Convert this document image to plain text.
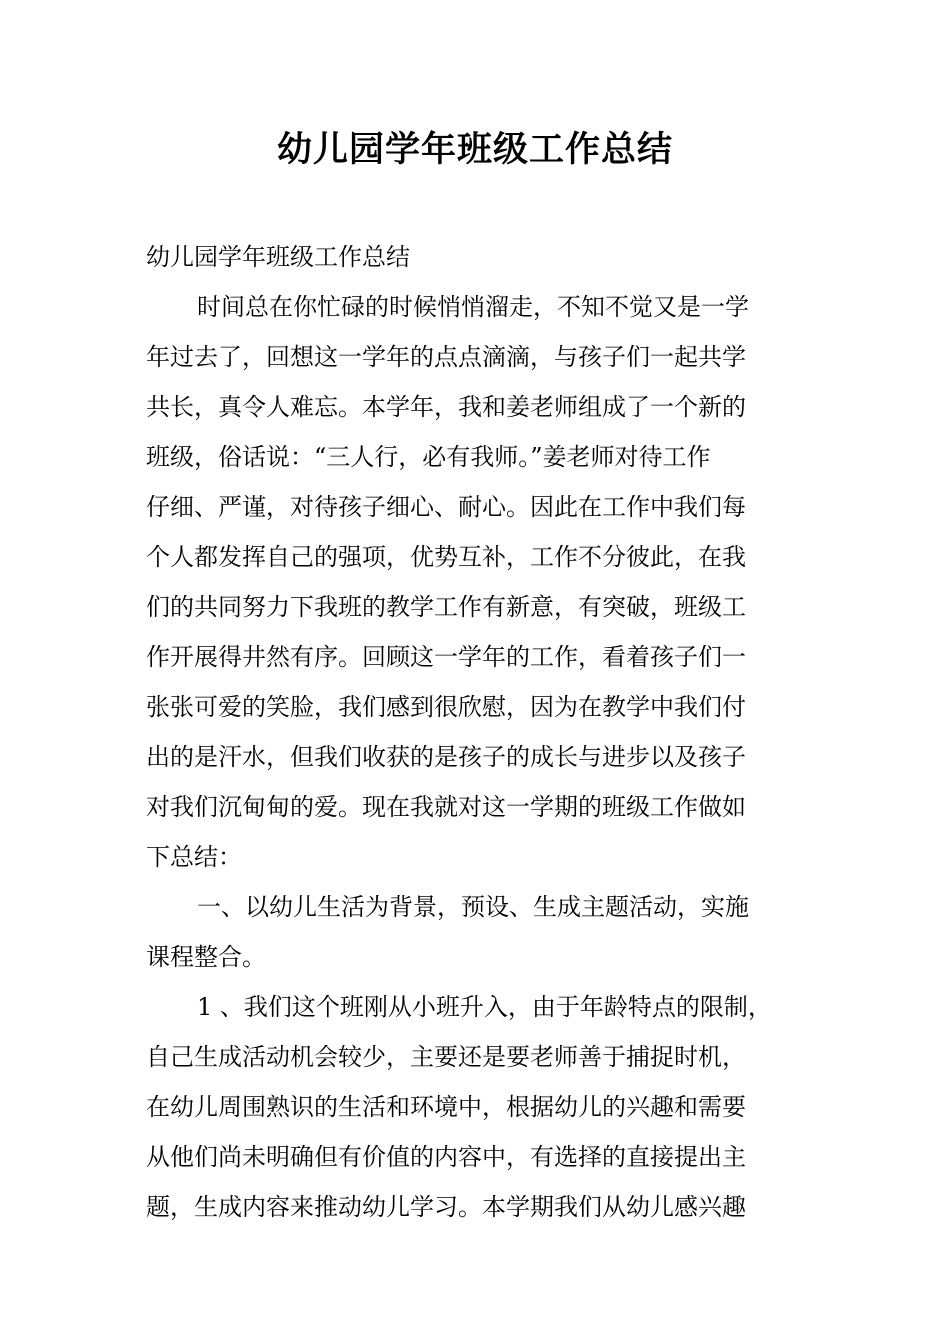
幼儿园学年班级工作总结
幼儿园学年班级工作总结
时间总在你忙碌的时候悄悄溜走，不知不觉又是一学
年过去了，回想这一学年的点点滴滴，与孩子们一起共学
共长，真令人难忘。本学年，我和姜老师组成了一个新的
班级，俗话说：“三人行，必有我师。”姜老师对待工作
仔细、严谨，对待孩子细心、耐心。因此在工作中我们每
个人都发挥自己的强项，优势互补，工作不分彼此，在我
们的共同努力下我班的教学工作有新意，有突破，班级工
作开展得井然有序。回顾这一学年的工作，看着孩子们一
张张可爱的笑脸，我们感到很欣慰，因为在教学中我们付
出的是汗水，但我们收获的是孩子的成长与进步以及孩子
对我们沉甸甸的爱。现在我就对这一学期的班级工作做如
下总结：
一、以幼儿生活为背景，预设、生成主题活动，实施
课程整合。
1 、我们这个班刚从小班升入，由于年龄特点的限制，
自己生成活动机会较少，主要还是要老师善于捕捉时机，
在幼儿周围熟识的生活和环境中，根据幼儿的兴趣和需要
从他们尚未明确但有价值的内容中，有选择的直接提出主
题，生成内容来推动幼儿学习。本学期我们从幼儿感兴趣
